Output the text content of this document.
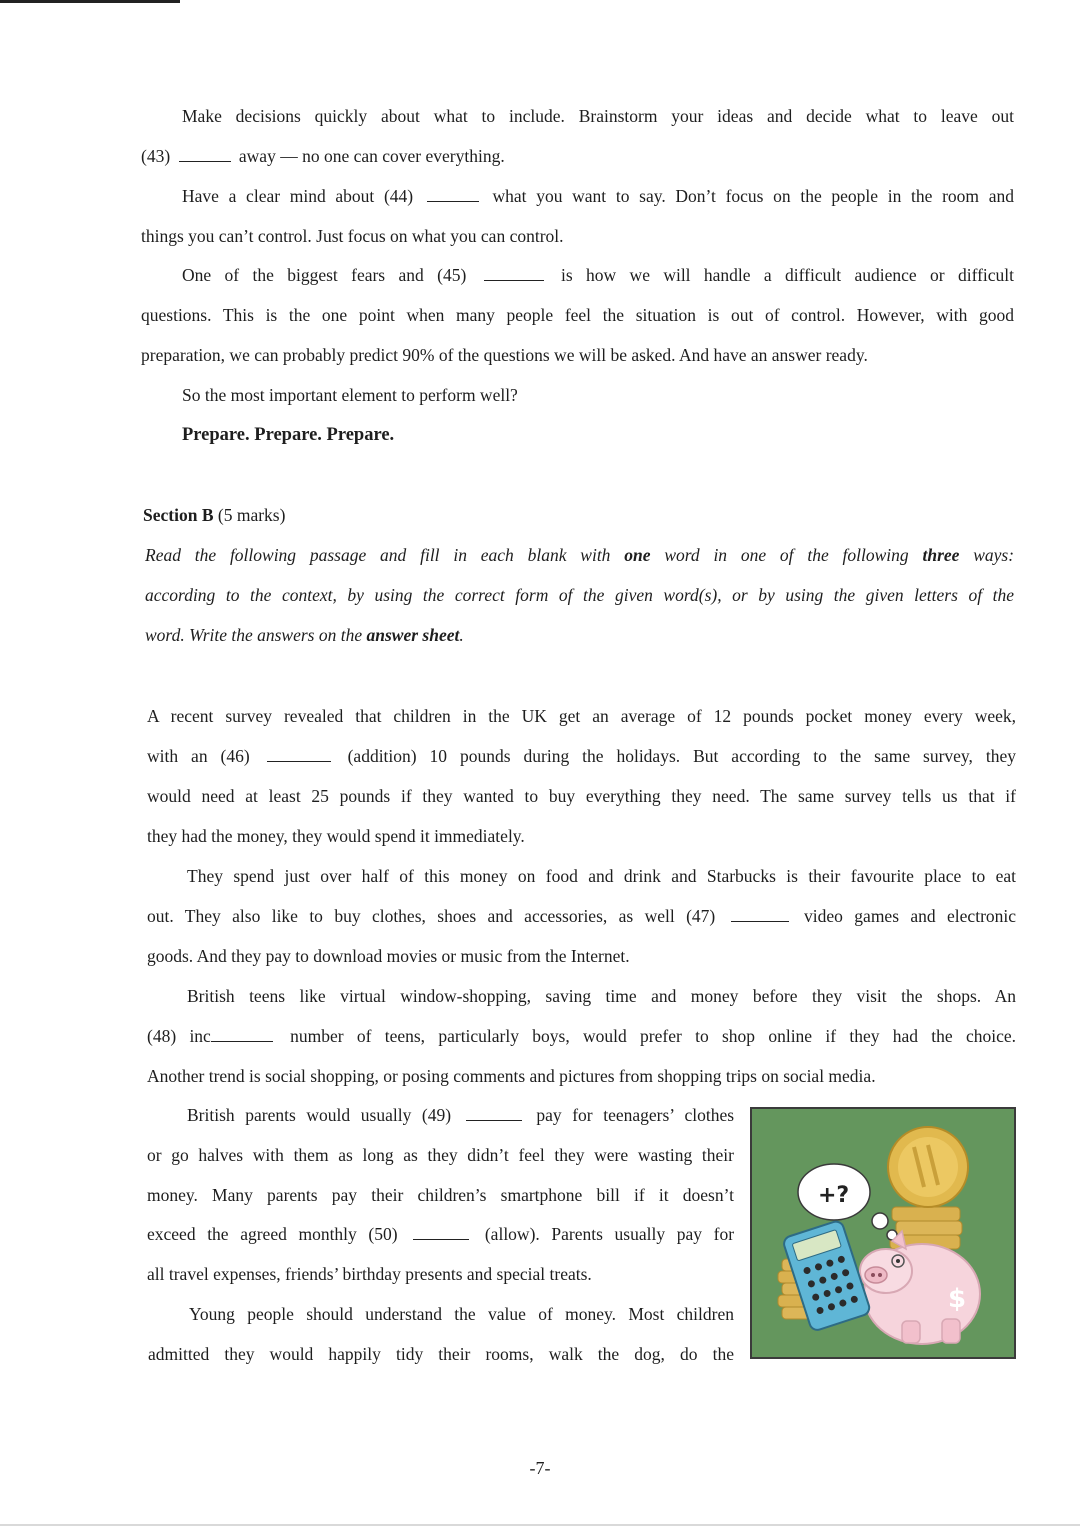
Make decisions quickly about what to include. Brainstorm your ideas and decide what to leave out
(43)	away — no one can cover everything.
Have a clear mind about (44)	what you want to say. Don’t focus on the people in the room and
things you can’t control. Just focus on what you can control.
One of the biggest fears and (45)	is how we will handle a difficult audience or difficult
questions. This is the one point when many people feel the situation is out of control. However, with good
preparation, we can probably predict 90% of the questions we will be asked. And have an answer ready.
So the most important element to perform well?
Prepare. Prepare. Prepare.
Section B (5 marks)
Read the following passage and fill in each blank with one word in one of the following three ways:
according to the context, by using the correct form of the given word(s), or by using the given letters of the
word. Write the answers on the answer sheet.
A recent survey revealed that children in the UK get an average of 12 pounds pocket money every week,
with an (46)	(addition) 10 pounds during the holidays. But according to the same survey, they
would need at least 25 pounds if they wanted to buy everything they need. The same survey tells us that if
they had the money, they would spend it immediately.
They spend just over half of this money on food and drink and Starbucks is their favourite place to eat
out. They also like to buy clothes, shoes and accessories, as well (47)	video games and electronic
goods. And they pay to download movies or music from the Internet.
British teens like virtual window-shopping, saving time and money before they visit the shops. An
(48) inc	number of teens, particularly boys, would prefer to shop online if they had the choice.
Another trend is social shopping, or posing comments and pictures from shopping trips on social media.
British parents would usually (49)	pay for teenagers’ clothes
or go halves with them as long as they didn’t feel they were wasting their
money. Many parents pay their children’s smartphone bill if it doesn’t
exceed the agreed monthly (50)	(allow). Parents usually pay for
all travel expenses, friends’ birthday presents and special treats.
Young people should understand the value of money. Most children
admitted they would happily tidy their rooms, walk the dog, do the
+?
$
-7-
